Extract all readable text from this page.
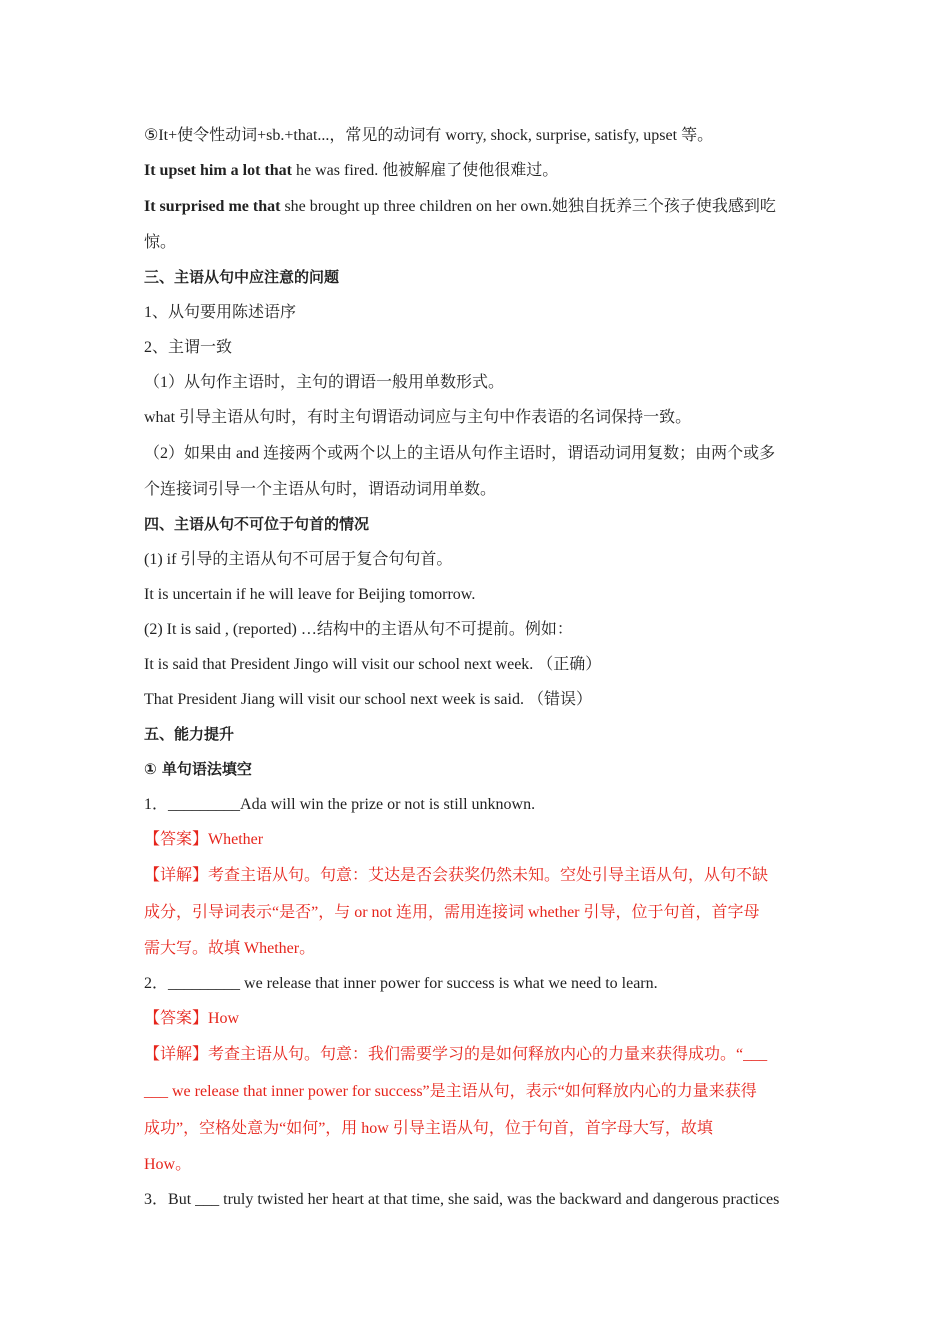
⑤It+使令性动词+sb.+that...，常见的动词有 worry, shock, surprise, satisfy, upset 等。
It upset him a lot that he was fired. 他被解雇了使他很难过。
It surprised me that she brought up three children on her own.她独自抚养三个孩子使我感到吃
惊。
三、主语从句中应注意的问题
1、从句要用陈述语序
2、主谓一致
（1）从句作主语时，主句的谓语一般用单数形式。
what 引导主语从句时，有时主句谓语动词应与主句中作表语的名词保持一致。
（2）如果由 and 连接两个或两个以上的主语从句作主语时，谓语动词用复数；由两个或多
个连接词引导一个主语从句时，谓语动词用单数。
四、主语从句不可位于句首的情况
(1) if 引导的主语从句不可居于复合句句首。
It is uncertain if he will leave for Beijing tomorrow.
(2) It is said , (reported) …结构中的主语从句不可提前。例如：
It is said that President Jingo will visit our school next week. （正确）
That President Jiang will visit our school next week is said. （错误）
五、能力提升
① 单句语法填空
1．_________Ada will win the prize or not is still unknown.
【答案】Whether
【详解】考查主语从句。句意：艾达是否会获奖仍然未知。空处引导主语从句，从句不缺
成分，引导词表示“是否”，与 or not 连用，需用连接词 whether 引导，位于句首，首字母
需大写。故填 Whether。
2．_________ we release that inner power for success is what we need to learn.
【答案】How
【详解】考查主语从句。句意：我们需要学习的是如何释放内心的力量来获得成功。“___
___ we release that inner power for success”是主语从句，表示“如何释放内心的力量来获得
成功”，空格处意为“如何”，用 how 引导主语从句，位于句首，首字母大写，故填
How。
3．But ___ truly twisted her heart at that time, she said, was the backward and dangerous practices
